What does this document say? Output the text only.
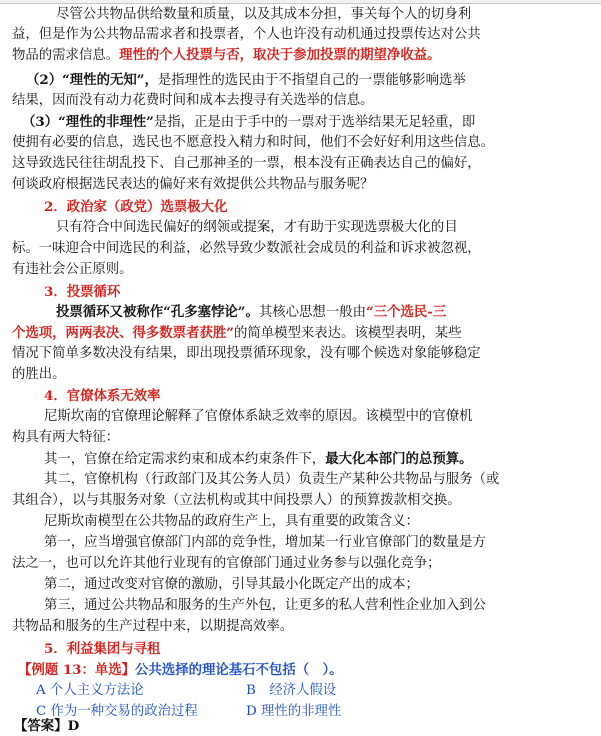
尽管公共物品供给数量和质量，以及其成本分担，事关每个人的切身利
益，但是作为公共物品需求者和投票者，个人也许没有动机通过投票传达对公共
物品的需求信息。理性的个人投票与否，取决于参加投票的期望净收益。
（2）“理性的无知”，是指理性的选民由于不指望自己的一票能够影响选举
结果，因而没有动力花费时间和成本去搜寻有关选举的信息。
（3）“理性的非理性”是指，正是由于手中的一票对于选举结果无足轻重，即
使拥有必要的信息，选民也不愿意投入精力和时间，他们不会好好利用这些信息。
这导致选民往往胡乱投下、自己那神圣的一票，根本没有正确表达自己的偏好，
何谈政府根据选民表达的偏好来有效提供公共物品与服务呢？
2．政治家（政党）选票极大化
只有符合中间选民偏好的纲领或提案，才有助于实现选票极大化的目
标。一味迎合中间选民的利益，必然导致少数派社会成员的利益和诉求被忽视，
有违社会公正原则。
3．投票循环
投票循环又被称作“孔多塞悖论”。其核心思想一般由“三个选民-三
个选项，两两表决、得多数票者获胜”的简单模型来表达。该模型表明，某些
情况下简单多数决没有结果，即出现投票循环现象，没有哪个候选对象能够稳定
的胜出。
4．官僚体系无效率
尼斯坎南的官僚理论解释了官僚体系缺乏效率的原因。该模型中的官僚机
构具有两大特征：
其一，官僚在给定需求约束和成本约束条件下，最大化本部门的总预算。
其二，官僚机构（行政部门及其公务人员）负责生产某种公共物品与服务（或
其组合），以与其服务对象（立法机构或其中间投票人）的预算拨款相交换。
尼斯坎南模型在公共物品的政府生产上，具有重要的政策含义：
第一，应当增强官僚部门内部的竞争性，增加某一行业官僚部门的数量是方
法之一，也可以允许其他行业现有的官僚部门通过业务参与以强化竞争；
第二，通过改变对官僚的激励，引导其最小化既定产出的成本；
第三，通过公共物品和服务的生产外包，让更多的私人营利性企业加入到公
共物品和服务的生产过程中来，以期提高效率。
5．利益集团与寻租
【例题 13：单选】公共选择的理论基石不包括（　）。
A 个人主义方法论	B　经济人假设
C 作为一种交易的政治过程	D 理性的非理性
【答案】D
